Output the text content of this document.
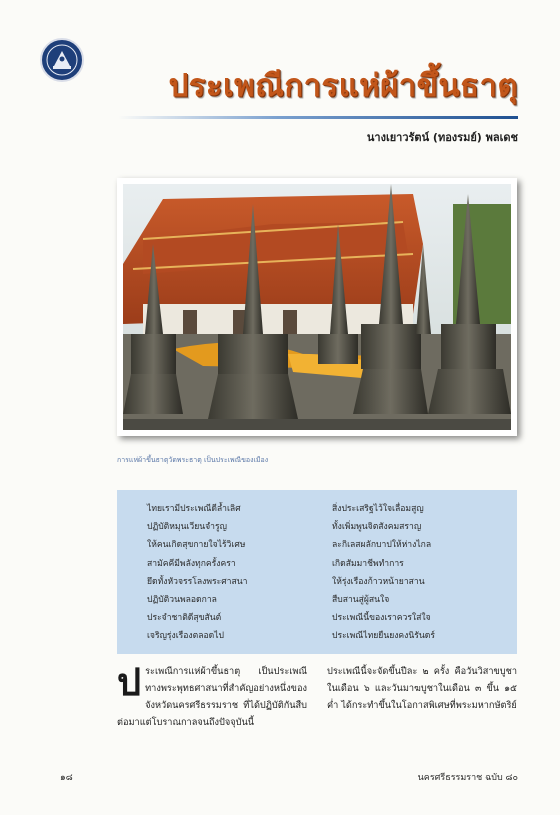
ประเพณีการแห่ผ้าขึ้นธาตุ
นางเยาวรัตน์ (ทองรมย์) พลเดช
การแห่ผ้าขึ้นธาตุวัดพระธาตุ เป็นประเพณีของเมือง
ไทยเรามีประเพณีดีล้ำเลิศ
ปฏิบัติหมุนเวียนจำรูญ
ให้คนเกิดสุขกายใจไร้วิเศษ
สามัคคีมีพลังทุกครั้งครา
ยึดทั้งหัวจรรโลงพระศาสนา
ปฏิบัติวนพลอดกาล
ประจำชาติดีสุขสันต์
เจริญรุ่งเรืองตลอดไป
สิ่งประเสริฐไว้ใจเลื่อมสูญ
ทั้งเพิ่มพูนจิตสังคมสราญ
ละกิเลสผลักบาปให้ห่างไกล
เกิดสัมมาชีพทำการ
ให้รุ่งเรืองก้าวหน้ายาสาน
สืบสานสู่ผู้สนใจ
ประเพณีนี้ของเราควรใส่ใจ
ประเพณีไทยยืนยงคงนิรันดร์
ป ระเพณีการแห่ผ้าขึ้นธาตุ เป็นประเพณีทางพระพุทธศาสนาที่สำคัญอย่างหนึ่งของจังหวัดนครศรีธรรมราช ที่ได้ปฏิบัติกันสืบต่อมาแต่โบราณกาลจนถึงปัจจุบันนี้
ประเพณีนี้จะจัดขึ้นปีละ ๒ ครั้ง คือวันวิสาขบูชาในเดือน ๖ และวันมาฆบูชาในเดือน ๓ ขึ้น ๑๕ ค่ำ ได้กระทำขึ้นในโอกาสพิเศษที่พระมหากษัตริย์
๑๘	นครศรีธรรมราช ฉบับ ๘๐
